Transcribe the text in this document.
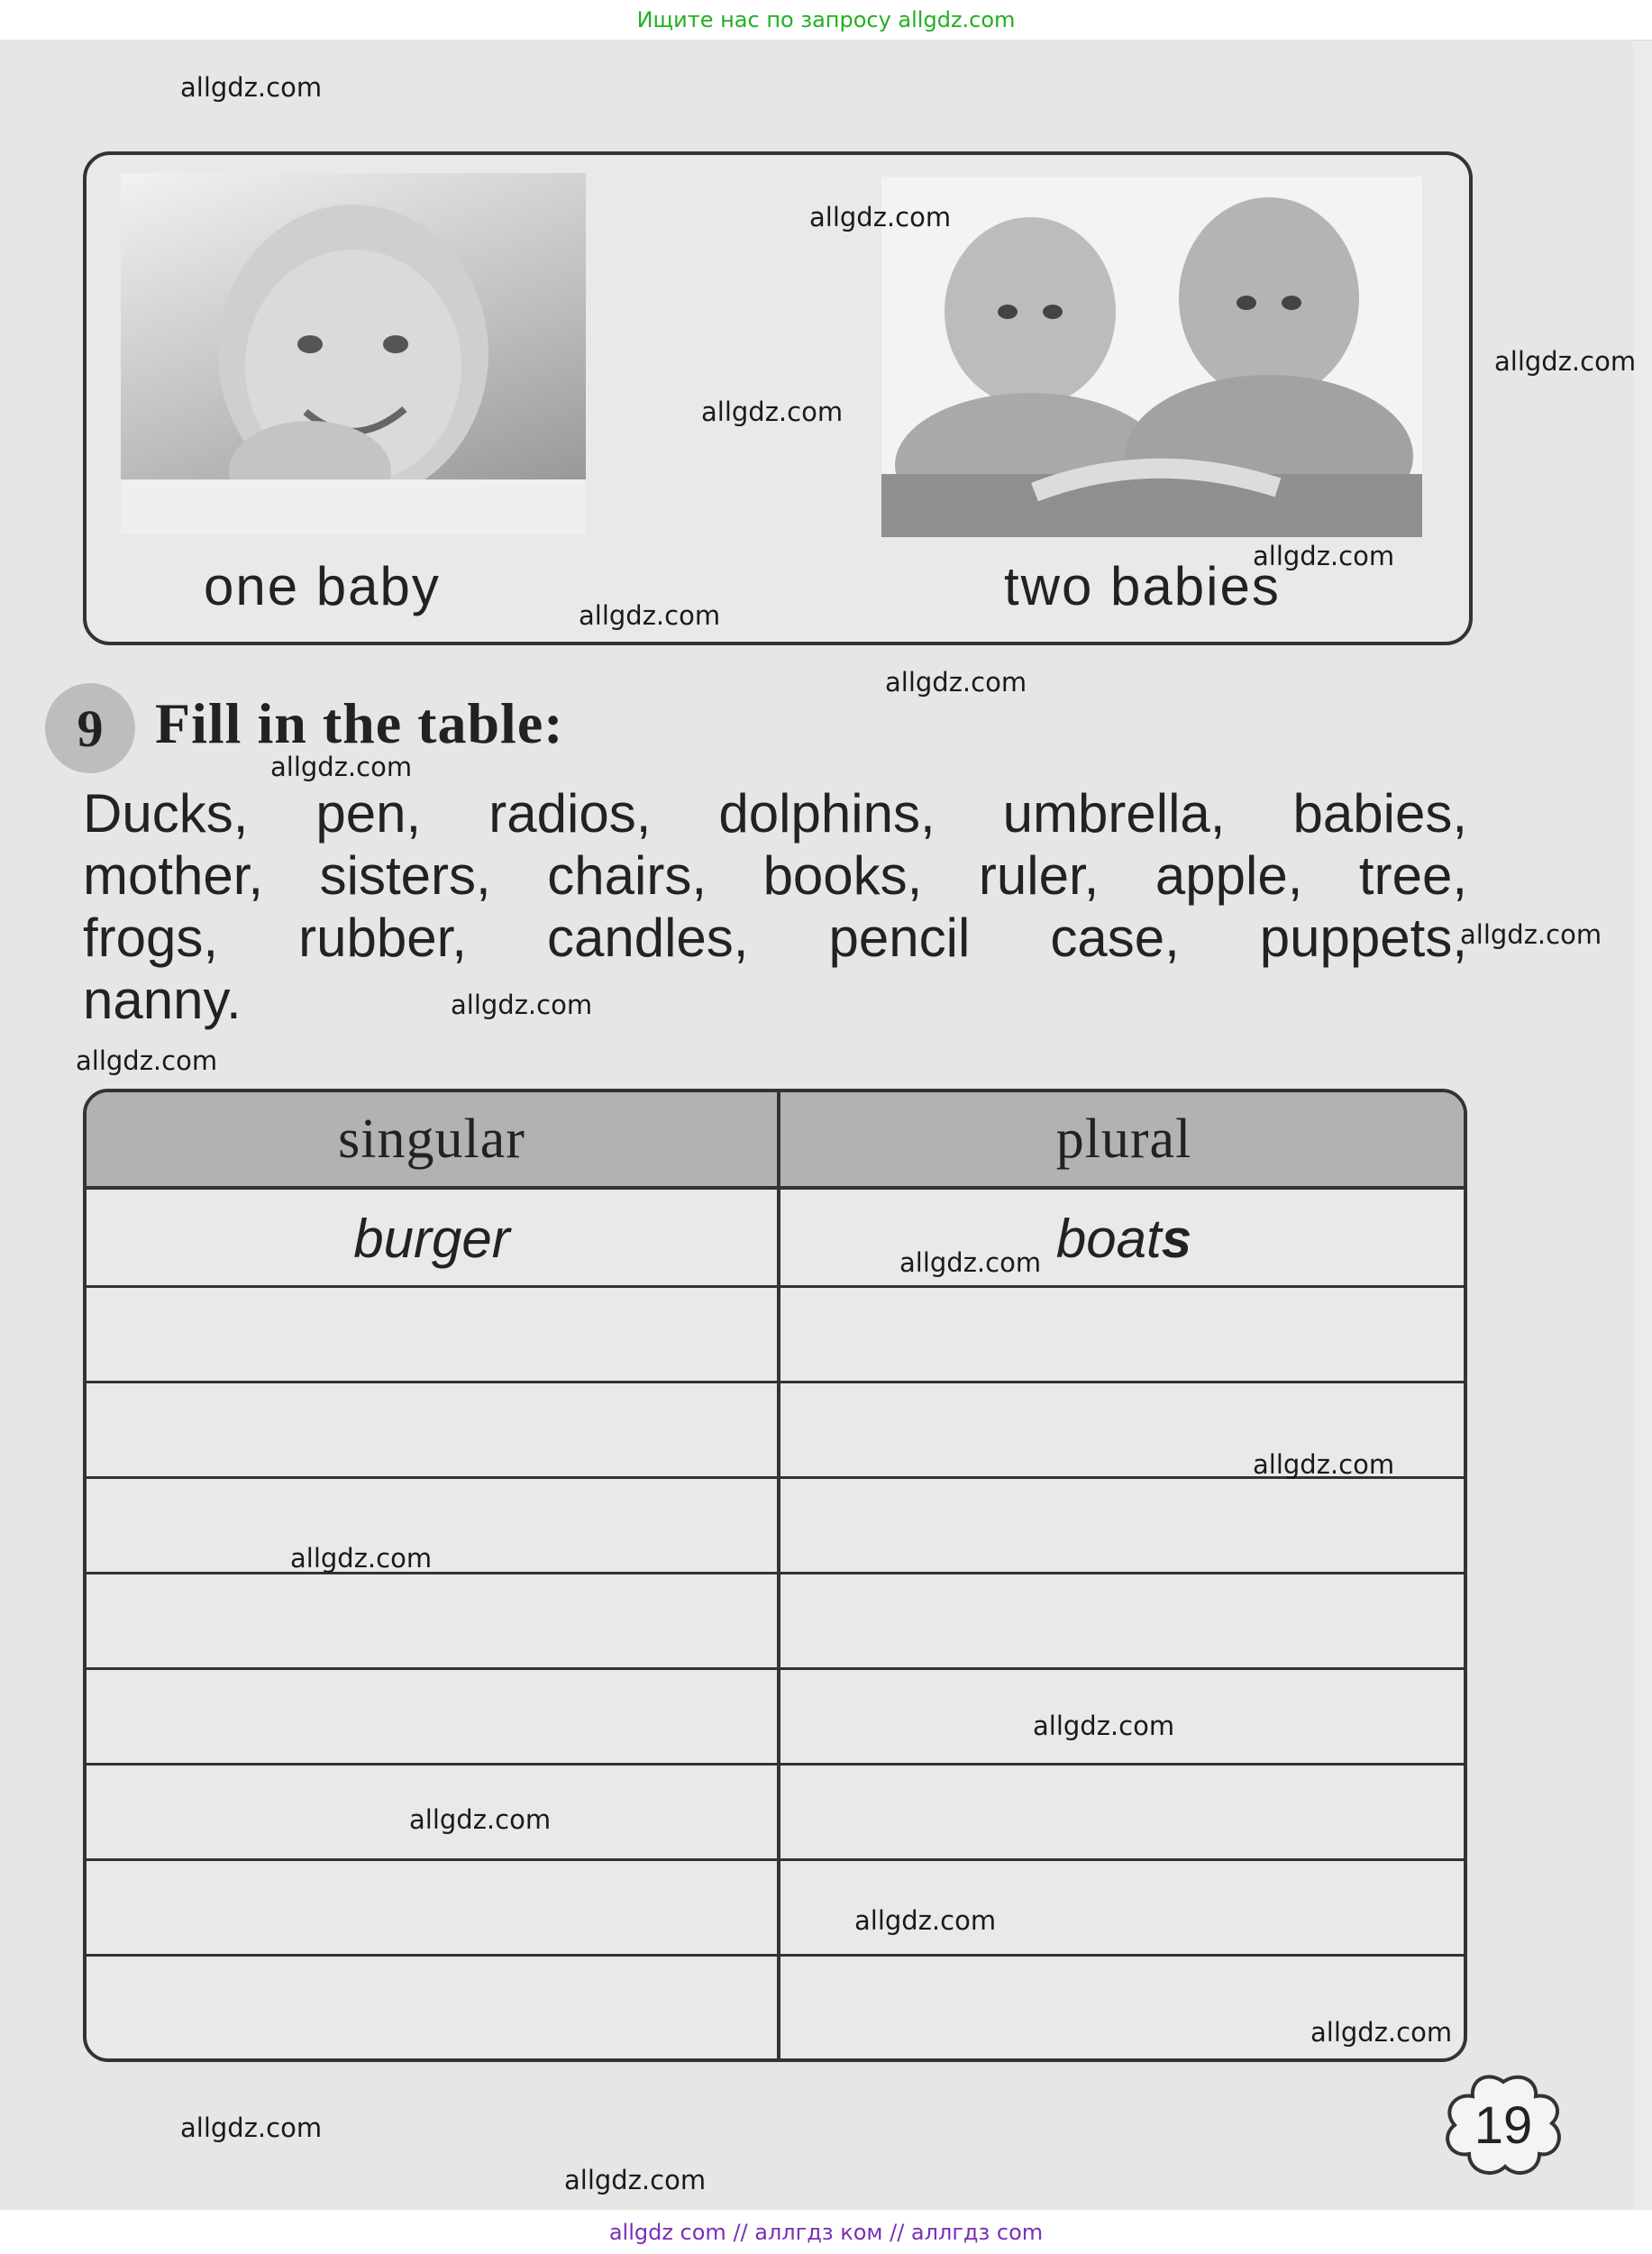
Ищите нас по запросу allgdz.com
one baby	two babies
9 Fill in the table:
Ducks, pen, radios, dolphins, umbrella, babies,
mother, sisters, chairs, books, ruler, apple, tree,
frogs, rubber, candles, pencil case, puppets,
nanny.
singular	plural
burger	boat s
19
allgdz.com
allgdz.com
allgdz.com
allgdz.com
allgdz.com
allgdz.com
allgdz.com
allgdz.com
allgdz.com
allgdz.com
allgdz.com
allgdz.com
allgdz.com
allgdz.com
allgdz.com
allgdz.com
allgdz.com
allgdz.com
allgdz.com
allgdz.com
allgdz com // аллгдз ком // аллгдз com
